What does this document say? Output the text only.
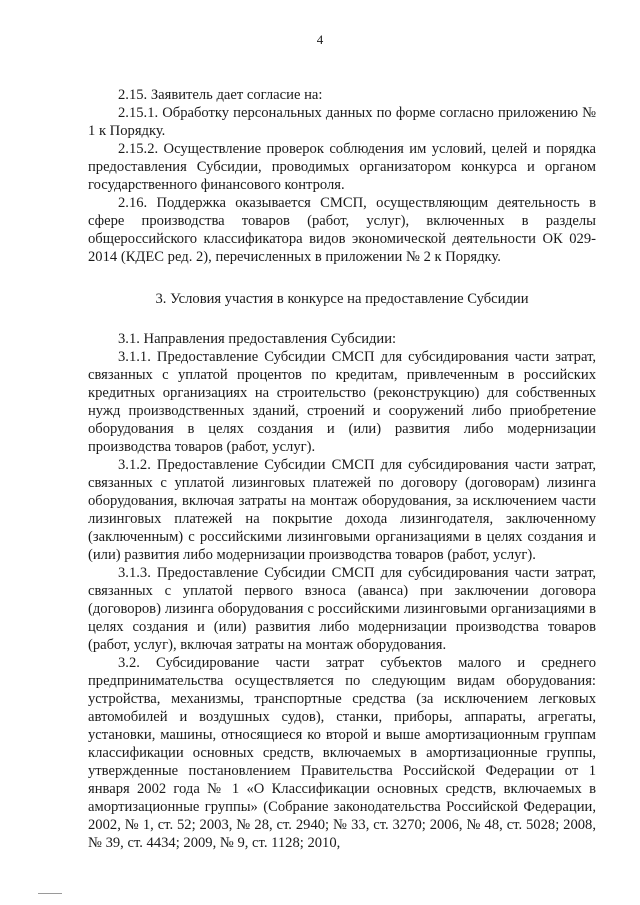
4

2.15. Заявитель дает согласие на:

2.15.1. Обработку персональных данных по форме согласно приложению № 1 к Порядку.

2.15.2. Осуществление проверок соблюдения им условий, целей и порядка предоставления Субсидии, проводимых организатором конкурса и органом государственного финансового контроля.

2.16. Поддержка оказывается СМСП, осуществляющим деятельность в сфере производства товаров (работ, услуг), включенных в разделы общероссийского классификатора видов экономической деятельности ОК 029-2014 (КДЕС ред. 2), перечисленных в приложении № 2 к Порядку.

3. Условия участия в конкурсе на предоставление Субсидии

3.1. Направления предоставления Субсидии:

3.1.1. Предоставление Субсидии СМСП для субсидирования части затрат, связанных с уплатой процентов по кредитам, привлеченным в российских кредитных организациях на строительство (реконструкцию) для собственных нужд производственных зданий, строений и сооружений либо приобретение оборудования в целях создания и (или) развития либо модернизации производства товаров (работ, услуг).

3.1.2. Предоставление Субсидии СМСП для субсидирования части затрат, связанных с уплатой лизинговых платежей по договору (договорам) лизинга оборудования, включая затраты на монтаж оборудования, за исключением части лизинговых платежей на покрытие дохода лизингодателя, заключенному (заключенным) с российскими лизинговыми организациями в целях создания и (или) развития либо модернизации производства товаров (работ, услуг).

3.1.3. Предоставление Субсидии СМСП для субсидирования части затрат, связанных с уплатой первого взноса (аванса) при заключении договора (договоров) лизинга оборудования с российскими лизинговыми организациями в целях создания и (или) развития либо модернизации производства товаров (работ, услуг), включая затраты на монтаж оборудования.

3.2. Субсидирование части затрат субъектов малого и среднего предпринимательства осуществляется по следующим видам оборудования: устройства, механизмы, транспортные средства (за исключением легковых автомобилей и воздушных судов), станки, приборы, аппараты, агрегаты, установки, машины, относящиеся ко второй и выше амортизационным группам классификации основных средств, включаемых в амортизационные группы, утвержденные постановлением Правительства Российской Федерации от 1 января 2002 года № 1 «О Классификации основных средств, включаемых в амортизационные группы» (Собрание законодательства Российской Федерации, 2002, № 1, ст. 52; 2003, № 28, ст. 2940; № 33, ст. 3270; 2006, № 48, ст. 5028; 2008, № 39, ст. 4434; 2009, № 9, ст. 1128; 2010,
